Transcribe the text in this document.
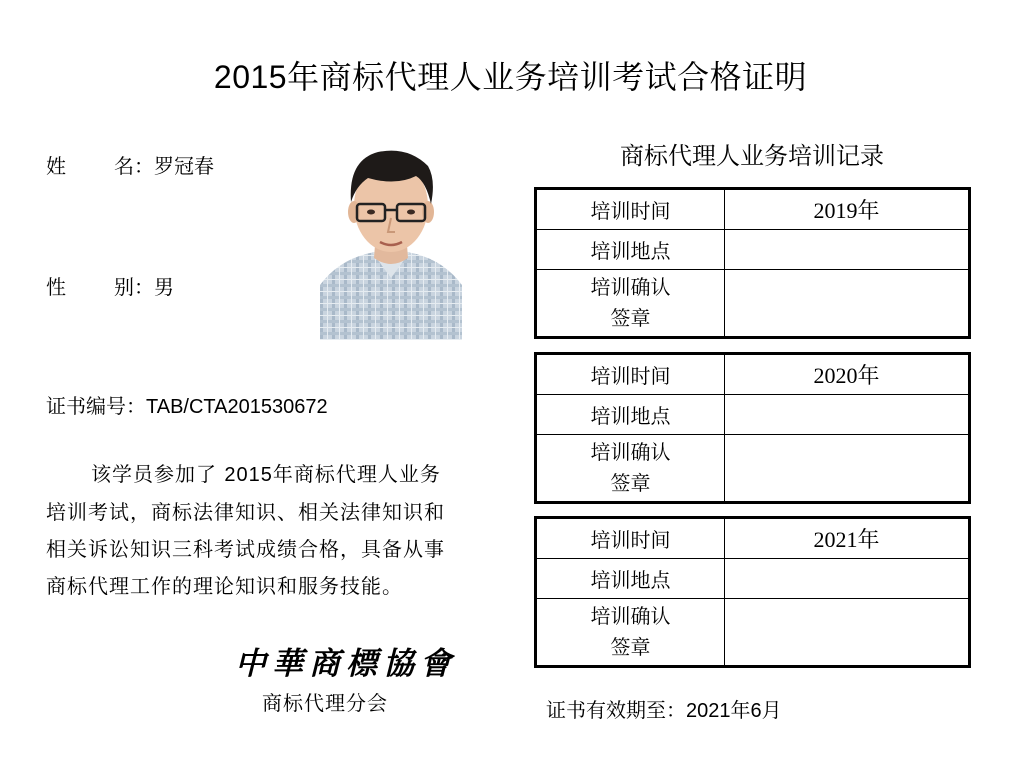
2015年商标代理人业务培训考试合格证明
姓 名：罗冠春
性 别：男
证书编号：TAB/CTA201530672
该学员参加了 2015年商标代理人业务
培训考试，商标法律知识、相关法律知识和
相关诉讼知识三科考试成绩合格，具备从事
商标代理工作的理论知识和服务技能。
中華商標協會
商标代理分会
商标代理人业务培训记录
培训时间	2019年
培训地点	
培训确认
签章	
培训时间	2020年
培训地点	
培训确认
签章	
培训时间	2021年
培训地点	
培训确认
签章	
证书有效期至：2021年6月
